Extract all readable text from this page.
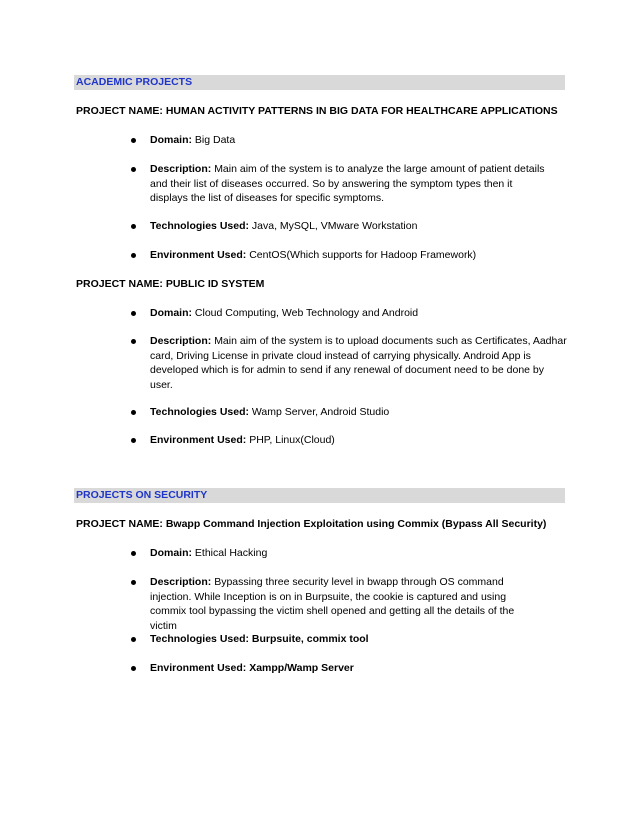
ACADEMIC PROJECTS
PROJECT NAME: HUMAN ACTIVITY PATTERNS IN BIG DATA FOR HEALTHCARE APPLICATIONS
Domain: Big Data
Description: Main aim of the system is to analyze the large amount of patient details and their list of diseases occurred. So by answering the symptom types then it displays the list of diseases for specific symptoms.
Technologies Used: Java, MySQL, VMware Workstation
Environment Used: CentOS(Which supports for Hadoop Framework)
PROJECT NAME: PUBLIC ID SYSTEM
Domain: Cloud Computing, Web Technology and Android
Description: Main aim of the system is to upload documents such as Certificates, Aadhar card, Driving License in private cloud instead of carrying physically. Android App is developed which is for admin to send if any renewal of document need to be done by user.
Technologies Used: Wamp Server, Android Studio
Environment Used: PHP, Linux(Cloud)
PROJECTS ON SECURITY
PROJECT NAME: Bwapp Command Injection Exploitation using Commix (Bypass All Security)
Domain: Ethical Hacking
Description: Bypassing three security level in bwapp through OS command injection. While Inception is on in Burpsuite, the cookie is captured and using commix tool bypassing the victim shell opened and getting all the details of the victim
Technologies Used: Burpsuite, commix tool
Environment Used: Xampp/Wamp Server
